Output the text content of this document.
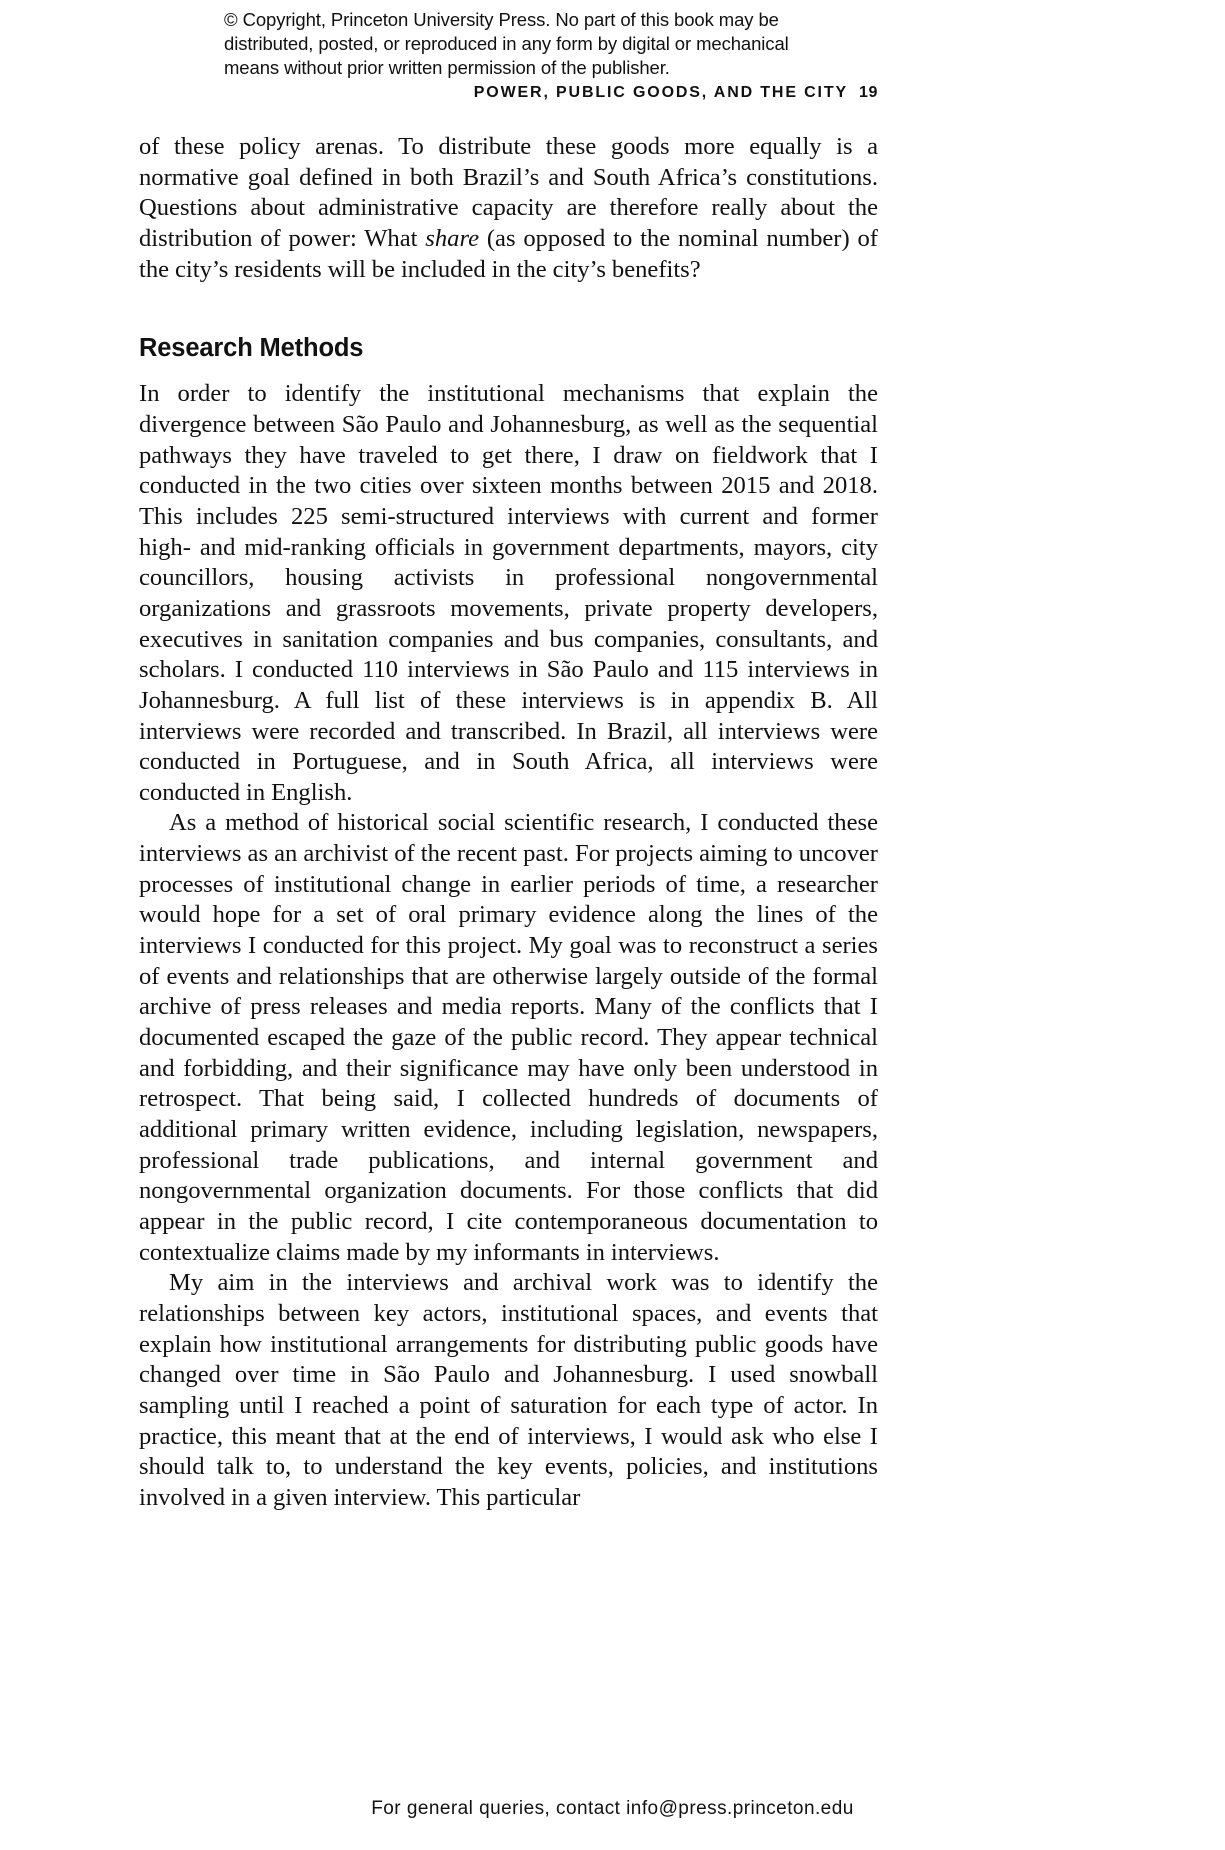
© Copyright, Princeton University Press. No part of this book may be
distributed, posted, or reproduced in any form by digital or mechanical
means without prior written permission of the publisher.
POWER, PUBLIC GOODS, AND THE CITY 19

of these policy arenas. To distribute these goods more equally is a normative goal defined in both Brazil’s and South Africa’s constitutions. Questions about administrative capacity are therefore really about the distribution of power: What share (as opposed to the nominal number) of the city’s residents will be included in the city’s benefits?

Research Methods

In order to identify the institutional mechanisms that explain the divergence between São Paulo and Johannesburg, as well as the sequential pathways they have traveled to get there, I draw on fieldwork that I conducted in the two cities over sixteen months between 2015 and 2018. This includes 225 semi-structured interviews with current and former high- and mid-ranking officials in government departments, mayors, city councillors, housing activists in professional nongovernmental organizations and grassroots movements, private property developers, executives in sanitation companies and bus companies, consultants, and scholars. I conducted 110 interviews in São Paulo and 115 interviews in Johannesburg. A full list of these interviews is in appendix B. All interviews were recorded and transcribed. In Brazil, all interviews were conducted in Portuguese, and in South Africa, all interviews were conducted in English.

As a method of historical social scientific research, I conducted these interviews as an archivist of the recent past. For projects aiming to uncover processes of institutional change in earlier periods of time, a researcher would hope for a set of oral primary evidence along the lines of the interviews I conducted for this project. My goal was to reconstruct a series of events and relationships that are otherwise largely outside of the formal archive of press releases and media reports. Many of the conflicts that I documented escaped the gaze of the public record. They appear technical and forbidding, and their significance may have only been understood in retrospect. That being said, I collected hundreds of documents of additional primary written evidence, including legislation, newspapers, professional trade publications, and internal government and nongovernmental organization documents. For those conflicts that did appear in the public record, I cite contemporaneous documentation to contextualize claims made by my informants in interviews.

My aim in the interviews and archival work was to identify the relationships between key actors, institutional spaces, and events that explain how institutional arrangements for distributing public goods have changed over time in São Paulo and Johannesburg. I used snowball sampling until I reached a point of saturation for each type of actor. In practice, this meant that at the end of interviews, I would ask who else I should talk to, to understand the key events, policies, and institutions involved in a given interview. This particular

For general queries, contact info@press.princeton.edu
